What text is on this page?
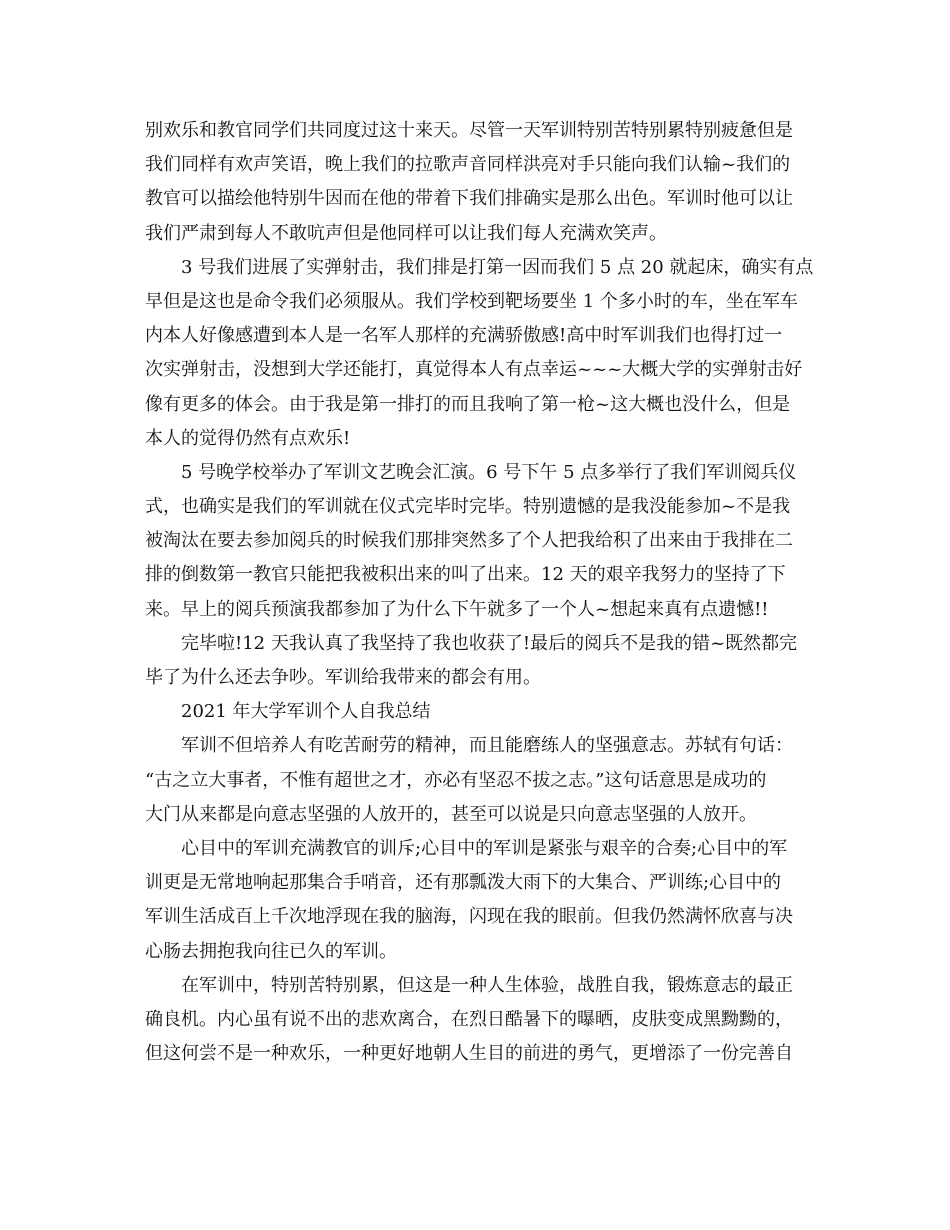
别欢乐和教官同学们共同度过这十来天。尽管一天军训特别苦特别累特别疲惫但是
我们同样有欢声笑语，晚上我们的拉歌声音同样洪亮对手只能向我们认输~我们的
教官可以描绘他特别牛因而在他的带着下我们排确实是那么出色。军训时他可以让
我们严肃到每人不敢吭声但是他同样可以让我们每人充满欢笑声。
3 号我们进展了实弹射击，我们排是打第一因而我们 5 点 20 就起床，确实有点
早但是这也是命令我们必须服从。我们学校到靶场要坐 1 个多小时的车，坐在军车
内本人好像感遭到本人是一名军人那样的充满骄傲感!高中时军训我们也得打过一
次实弹射击，没想到大学还能打，真觉得本人有点幸运~~~大概大学的实弹射击好
像有更多的体会。由于我是第一排打的而且我响了第一枪~这大概也没什么，但是
本人的觉得仍然有点欢乐!
5 号晚学校举办了军训文艺晚会汇演。6 号下午 5 点多举行了我们军训阅兵仪
式，也确实是我们的军训就在仪式完毕时完毕。特别遗憾的是我没能参加~不是我
被淘汰在要去参加阅兵的时候我们那排突然多了个人把我给积了出来由于我排在二
排的倒数第一教官只能把我被积出来的叫了出来。12 天的艰辛我努力的坚持了下
来。早上的阅兵预演我都参加了为什么下午就多了一个人~想起来真有点遗憾!!
完毕啦!12 天我认真了我坚持了我也收获了!最后的阅兵不是我的错~既然都完
毕了为什么还去争吵。军训给我带来的都会有用。
2021 年大学军训个人自我总结
军训不但培养人有吃苦耐劳的精神，而且能磨练人的坚强意志。苏轼有句话：
“古之立大事者，不惟有超世之才，亦必有坚忍不拔之志。”这句话意思是成功的
大门从来都是向意志坚强的人放开的，甚至可以说是只向意志坚强的人放开。
心目中的军训充满教官的训斥;心目中的军训是紧张与艰辛的合奏;心目中的军
训更是无常地响起那集合手哨音，还有那瓢泼大雨下的大集合、严训练;心目中的
军训生活成百上千次地浮现在我的脑海，闪现在我的眼前。但我仍然满怀欣喜与决
心肠去拥抱我向往已久的军训。
在军训中，特别苦特别累，但这是一种人生体验，战胜自我，锻炼意志的最正
确良机。内心虽有说不出的悲欢离合，在烈日酷暑下的曝晒，皮肤变成黑黝黝的，
但这何尝不是一种欢乐，一种更好地朝人生目的前进的勇气，更增添了一份完善自
